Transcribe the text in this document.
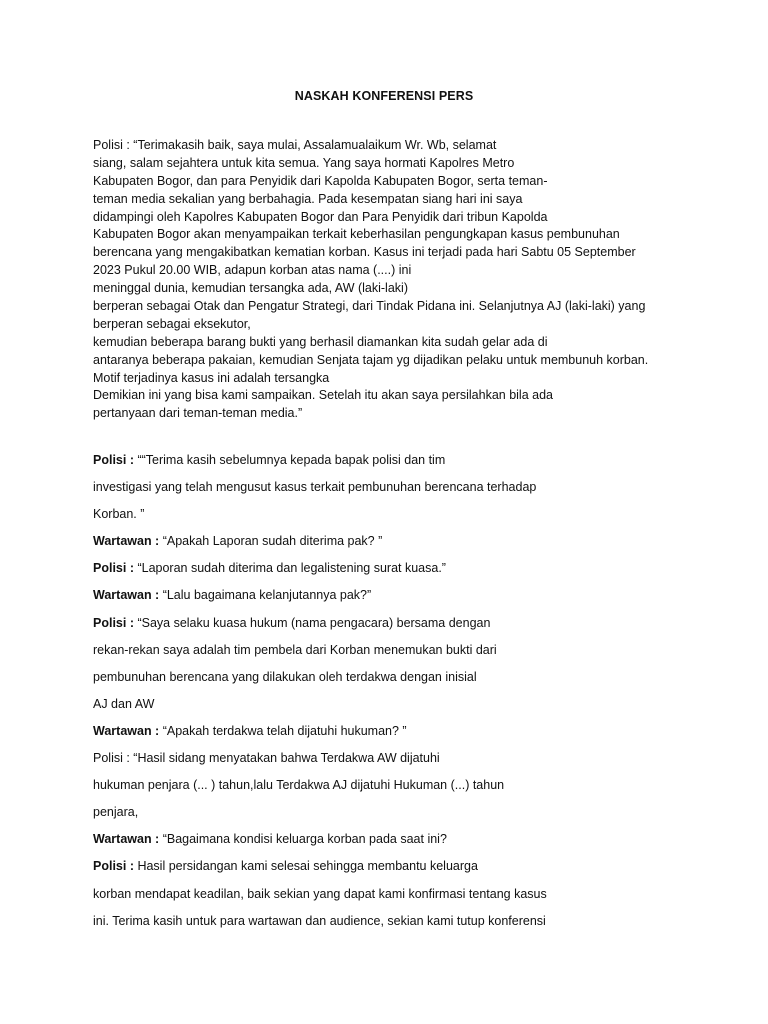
NASKAH KONFERENSI PERS
Polisi : “Terimakasih baik, saya mulai, Assalamualaikum Wr. Wb, selamat
siang, salam sejahtera untuk kita semua. Yang saya hormati Kapolres Metro
Kabupaten Bogor, dan para Penyidik dari Kapolda Kabupaten Bogor, serta teman-
teman media sekalian yang berbahagia. Pada kesempatan siang hari ini saya
didampingi oleh Kapolres Kabupaten Bogor dan Para Penyidik dari tribun Kapolda
Kabupaten Bogor akan menyampaikan terkait keberhasilan pengungkapan kasus pembunuhan
berencana yang mengakibatkan kematian korban. Kasus ini terjadi pada hari Sabtu 05 September
2023 Pukul 20.00 WIB, adapun korban atas nama (....) ini
meninggal dunia, kemudian tersangka ada, AW (laki-laki)
berperan sebagai Otak dan Pengatur Strategi, dari Tindak Pidana ini. Selanjutnya AJ (laki-laki) yang
berperan sebagai eksekutor,
kemudian beberapa barang bukti yang berhasil diamankan kita sudah gelar ada di
antaranya beberapa pakaian, kemudian Senjata tajam yg dijadikan pelaku untuk membunuh korban.
Motif terjadinya kasus ini adalah tersangka
Demikian ini yang bisa kami sampaikan. Setelah itu akan saya persilahkan bila ada
pertanyaan dari teman-teman media.”
Polisi : ““Terima kasih sebelumnya kepada bapak polisi dan tim
investigasi yang telah mengusut kasus terkait pembunuhan berencana terhadap
Korban. ”
Wartawan : “Apakah Laporan sudah diterima pak? ”
Polisi : “Laporan sudah diterima dan legalistening surat kuasa.”
Wartawan : “Lalu bagaimana kelanjutannya pak?”
Polisi : “Saya selaku kuasa hukum (nama pengacara) bersama dengan
rekan-rekan saya adalah tim pembela dari Korban menemukan bukti dari
pembunuhan berencana yang dilakukan oleh terdakwa dengan inisial
AJ dan AW
Wartawan : “Apakah terdakwa telah dijatuhi hukuman? ”
Polisi : “Hasil sidang menyatakan bahwa Terdakwa AW dijatuhi
hukuman penjara (... ) tahun,lalu Terdakwa AJ dijatuhi Hukuman (...) tahun
penjara,
Wartawan : “Bagaimana kondisi keluarga korban pada saat ini?
Polisi : Hasil persidangan kami selesai sehingga membantu keluarga
korban mendapat keadilan, baik sekian yang dapat kami konfirmasi tentang kasus
ini. Terima kasih untuk para wartawan dan audience, sekian kami tutup konferensi
